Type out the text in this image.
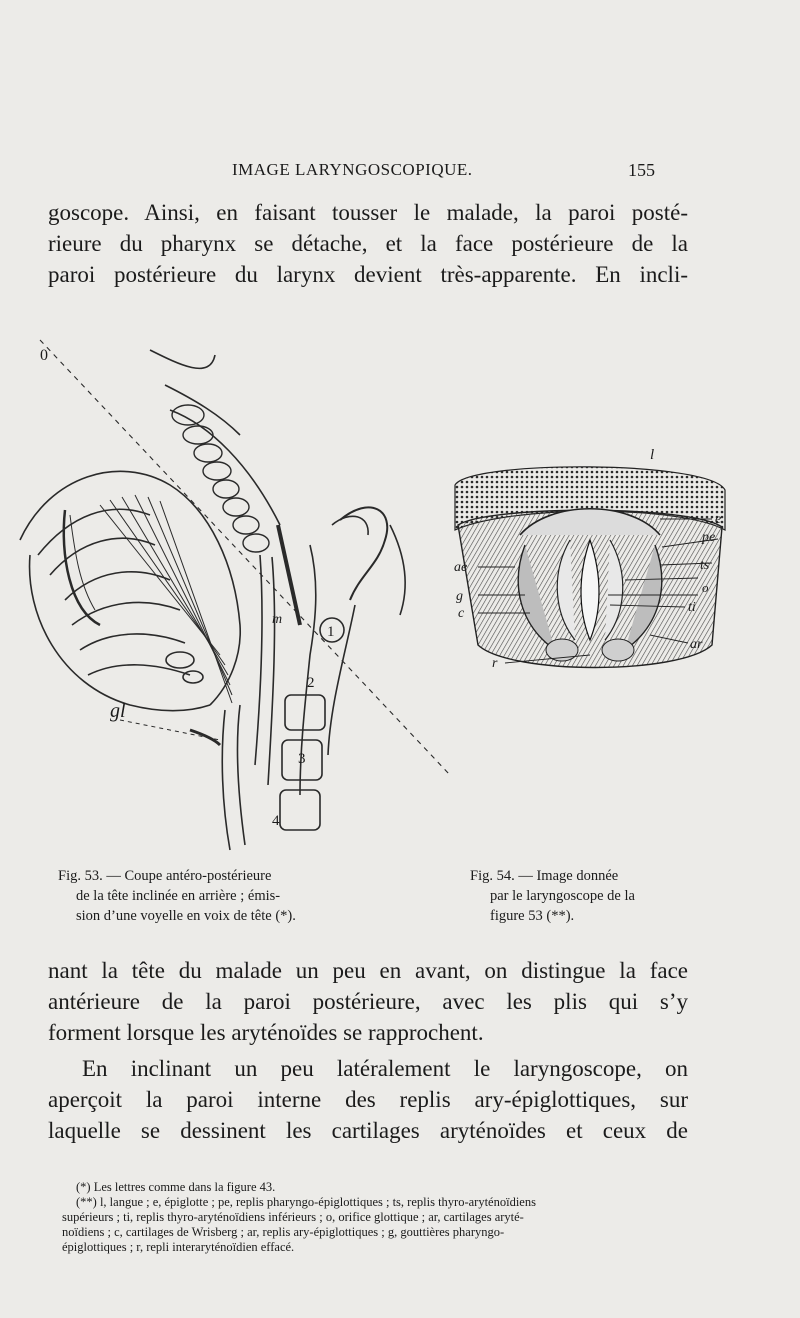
IMAGE LARYNGOSCOPIQUE.	155
goscope. Ainsi, en faisant tousser le malade, la paroi posté-
rieure du pharynx se détache, et la face postérieure de la
paroi postérieure du larynx devient très-apparente. En incli-
0
m
1
2
3
4
gl
l
e
pe
ae	ts
o
g
c	ti
ar
r
Fig. 53. — Coupe antéro-postérieure
de la tête inclinée en arrière ; émis-
sion d’une voyelle en voix de tête (*).
Fig. 54. — Image donnée
par le laryngoscope de la
figure 53 (**).
nant la tête du malade un peu en avant, on distingue la face
antérieure de la paroi postérieure, avec les plis qui s’y
forment lorsque les aryténoïdes se rapprochent.
En inclinant un peu latéralement le laryngoscope, on
aperçoit la paroi interne des replis ary-épiglottiques, sur
laquelle se dessinent les cartilages aryténoïdes et ceux de
(*) Les lettres comme dans la figure 43.
(**) l, langue ; e, épiglotte ; pe, replis pharyngo-épiglottiques ; ts, replis thyro-aryténoïdiens
supérieurs ; ti, replis thyro-aryténoïdiens inférieurs ; o, orifice glottique ; ar, cartilages aryté-
noïdiens ; c, cartilages de Wrisberg ; ar, replis ary-épiglottiques ; g, gouttières pharyngo-
épiglottiques ; r, repli interaryténoïdien effacé.
